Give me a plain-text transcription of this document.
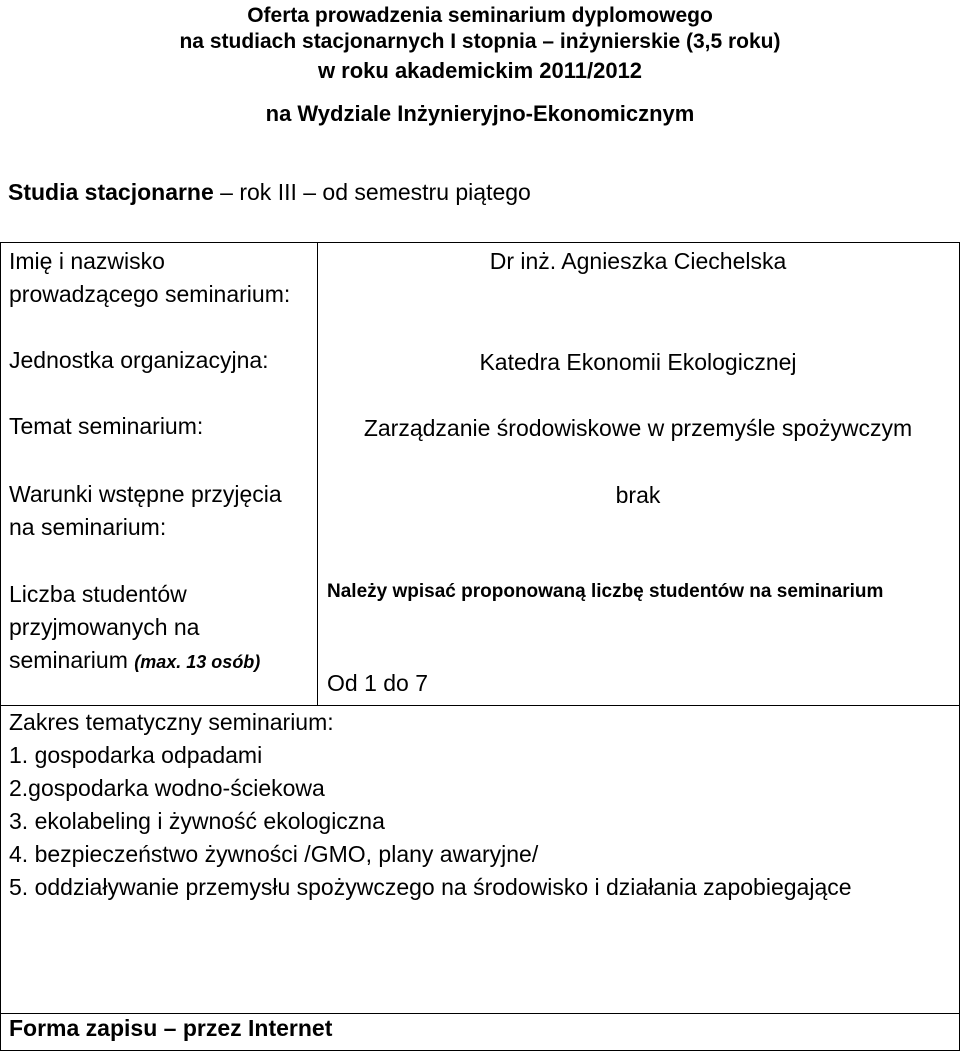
Oferta prowadzenia seminarium dyplomowego
na studiach stacjonarnych I stopnia – inżynierskie (3,5 roku)
w roku akademickim 2011/2012
na Wydziale Inżynieryjno-Ekonomicznym
Studia stacjonarne – rok III – od semestru piątego
Imię i nazwisko prowadzącego seminarium:
Dr inż. Agnieszka Ciechelska
Jednostka organizacyjna:	Katedra Ekonomii Ekologicznej
Temat seminarium:	Zarządzanie środowiskowe w przemyśle spożywczym
Warunki wstępne przyjęcia na seminarium:
brak
Liczba studentów przyjmowanych na seminarium (max. 13 osób)
Należy wpisać proponowaną liczbę studentów na seminarium
Od 1 do 7
Zakres tematyczny seminarium:
1. gospodarka odpadami
2.gospodarka wodno-ściekowa
3. ekolabeling i żywność ekologiczna
4. bezpieczeństwo żywności /GMO, plany awaryjne/
5. oddziaływanie przemysłu spożywczego na środowisko i działania zapobiegające
Forma zapisu – przez Internet
